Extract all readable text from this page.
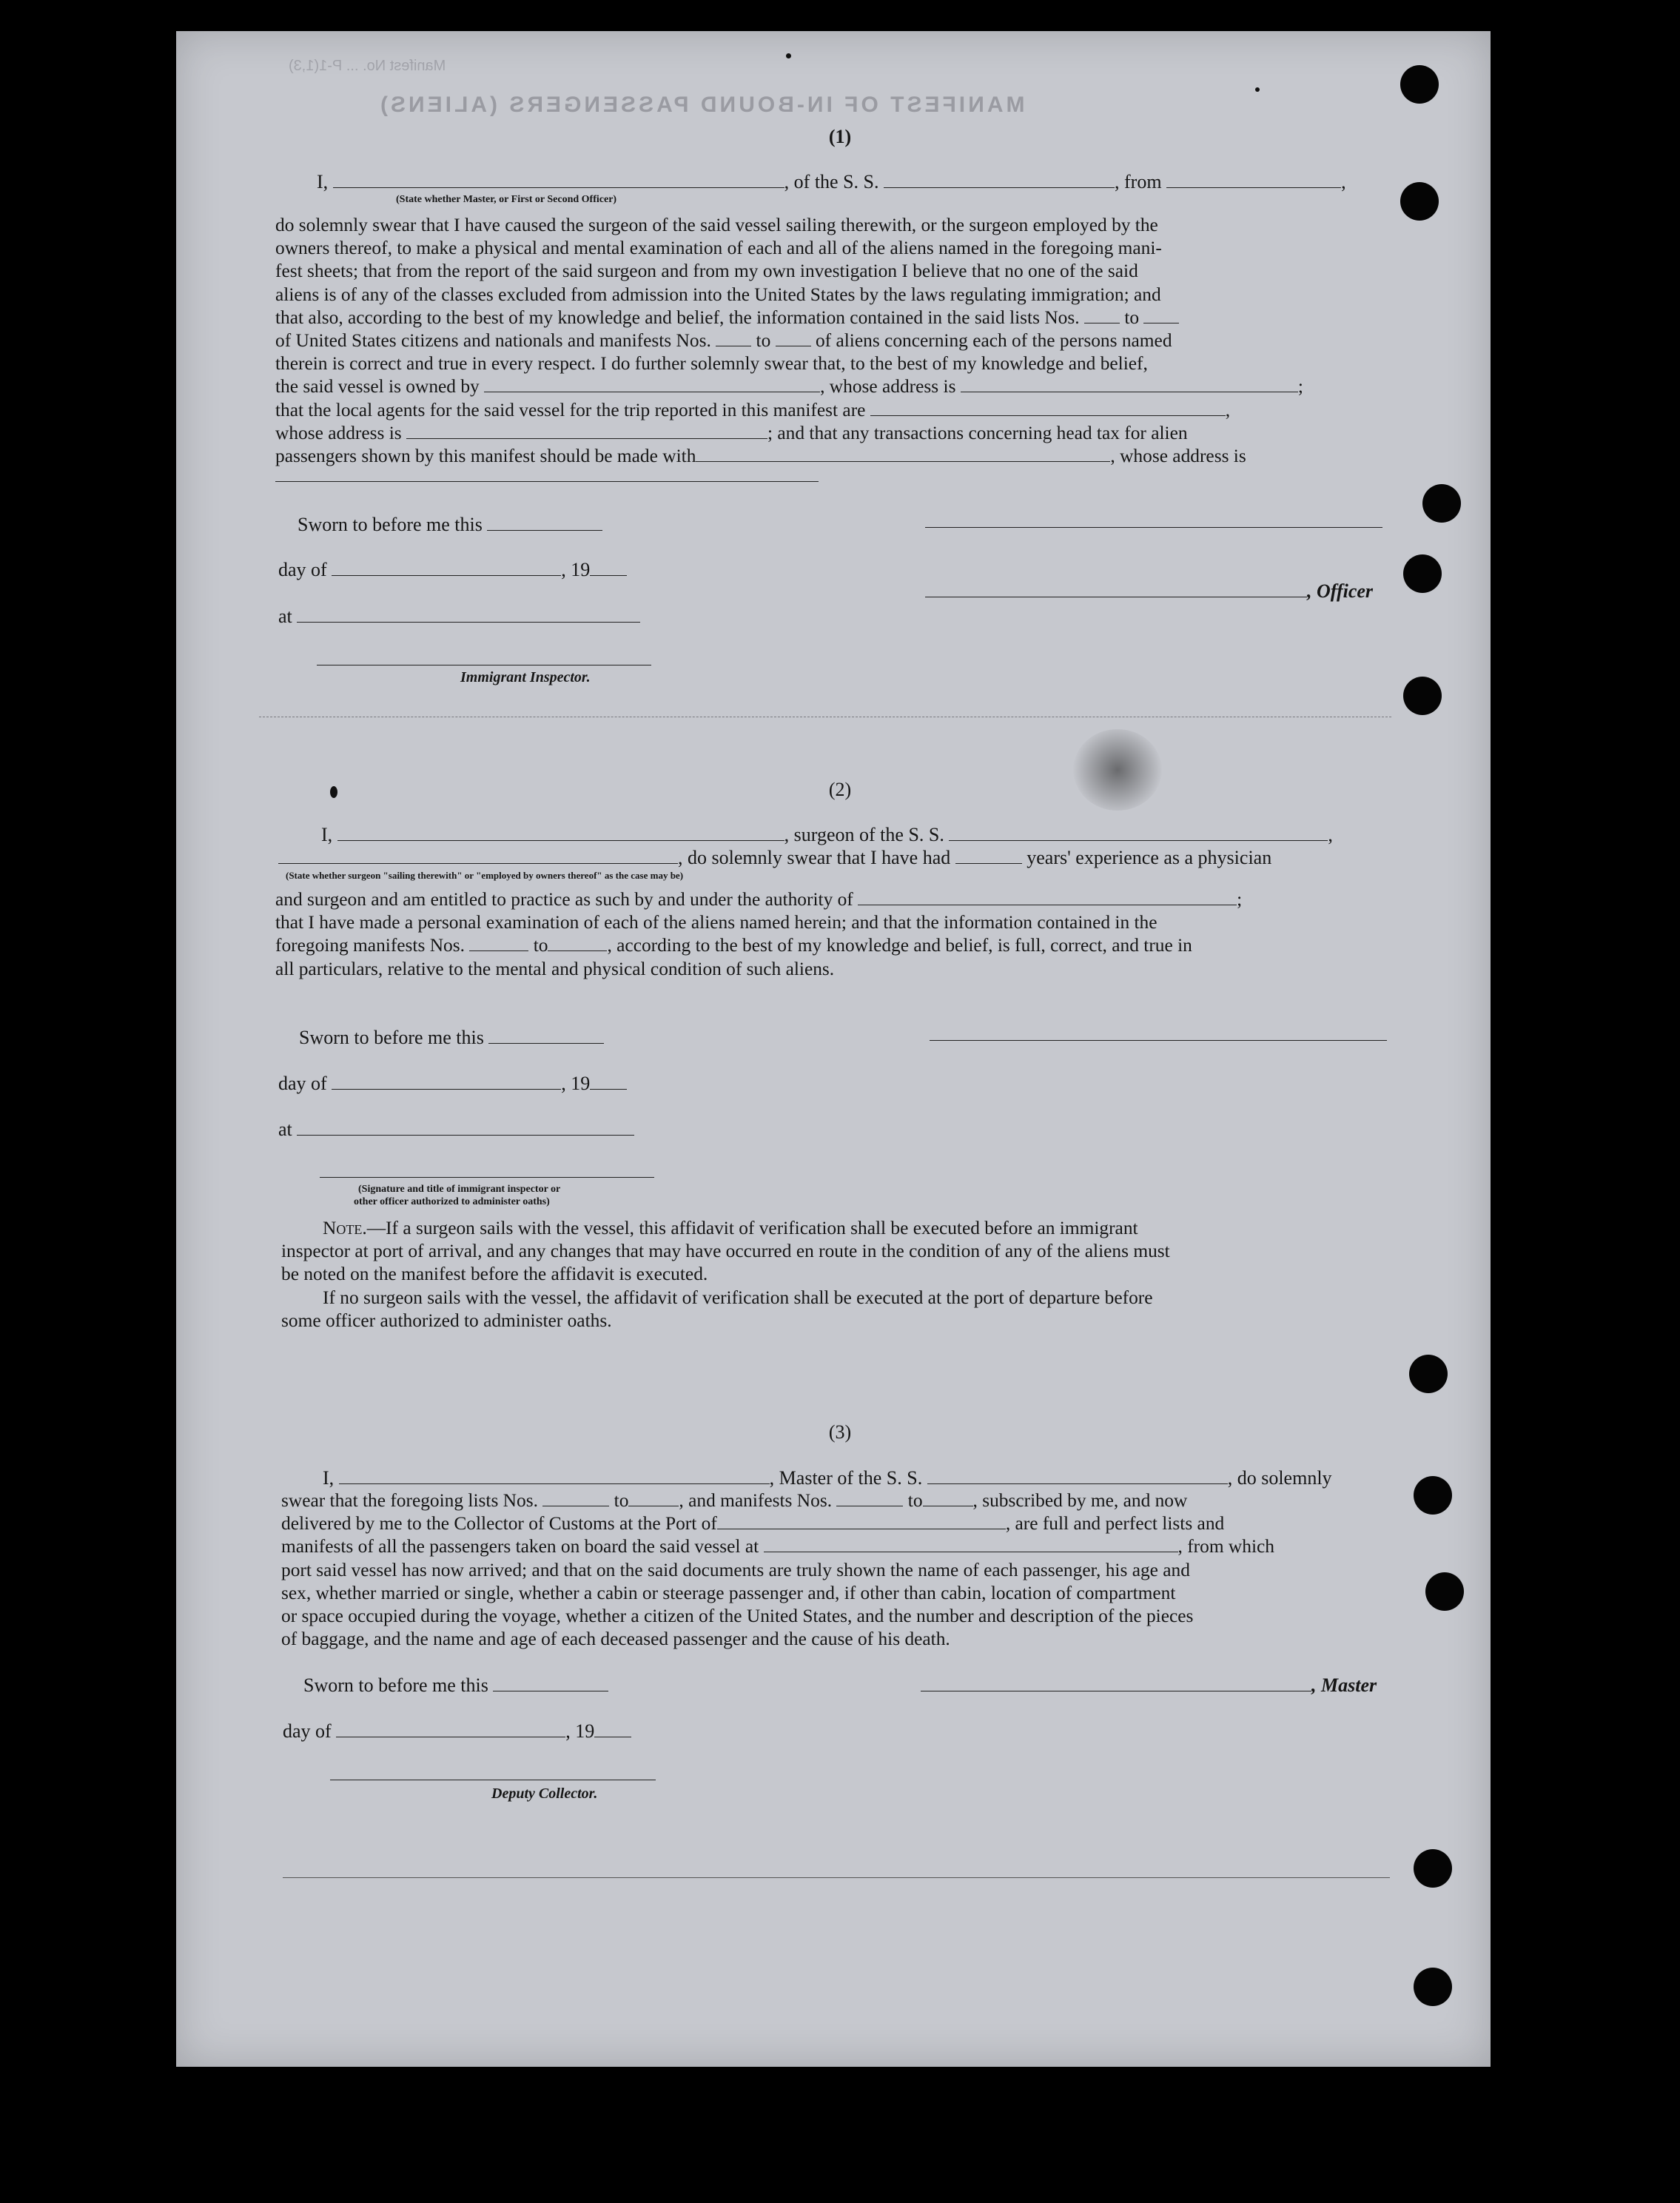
MANIFEST OF IN-BOUND PASSENGERS (ALIENS)
Manifest No. ... P-1(1,3)
(1)
I,	, of the S. S.	, from	,
(State whether Master, or First or Second Officer)
do solemnly swear that I have caused the surgeon of the said vessel sailing therewith, or the surgeon employed by the
owners thereof, to make a physical and mental examination of each and all of the aliens named in the foregoing mani-
fest sheets; that from the report of the said surgeon and from my own investigation I believe that no one of the said
aliens is of any of the classes excluded from admission into the United States by the laws regulating immigration; and
that also, according to the best of my knowledge and belief, the information contained in the said lists Nos. to
of United States citizens and nationals and manifests Nos. to of aliens concerning each of the persons named
therein is correct and true in every respect. I do further solemnly swear that, to the best of my knowledge and belief,
the said vessel is owned by	, whose address is	;
that the local agents for the said vessel for the trip reported in this manifest are	,
whose address is	; and that any transactions concerning head tax for alien
passengers shown by this manifest should be made with	, whose address is
Sworn to before me this
day of	, 19
, Officer
at
Immigrant Inspector.
(2)
I,	, surgeon of the S. S.	,
, do solemnly swear that I have had	years' experience as a physician
(State whether surgeon "sailing therewith" or "employed by owners thereof" as the case may be)
and surgeon and am entitled to practice as such by and under the authority of	;
that I have made a personal examination of each of the aliens named herein; and that the information contained in the
foregoing manifests Nos.	to	, according to the best of my knowledge and belief, is full, correct, and true in
all particulars, relative to the mental and physical condition of such aliens.
Sworn to before me this
day of	, 19
at
(Signature and title of immigrant inspector or
other officer authorized to administer oaths)
Note.—If a surgeon sails with the vessel, this affidavit of verification shall be executed before an immigrant
inspector at port of arrival, and any changes that may have occurred en route in the condition of any of the aliens must
be noted on the manifest before the affidavit is executed.
If no surgeon sails with the vessel, the affidavit of verification shall be executed at the port of departure before
some officer authorized to administer oaths.
(3)
I,	, Master of the S. S.	, do solemnly
swear that the foregoing lists Nos.	to	, and manifests Nos.	to	, subscribed by me, and now
delivered by me to the Collector of Customs at the Port of	, are full and perfect lists and
manifests of all the passengers taken on board the said vessel at	, from which
port said vessel has now arrived; and that on the said documents are truly shown the name of each passenger, his age and
sex, whether married or single, whether a cabin or steerage passenger and, if other than cabin, location of compartment
or space occupied during the voyage, whether a citizen of the United States, and the number and description of the pieces
of baggage, and the name and age of each deceased passenger and the cause of his death.
Sworn to before me this	, Master
day of	, 19
Deputy Collector.
